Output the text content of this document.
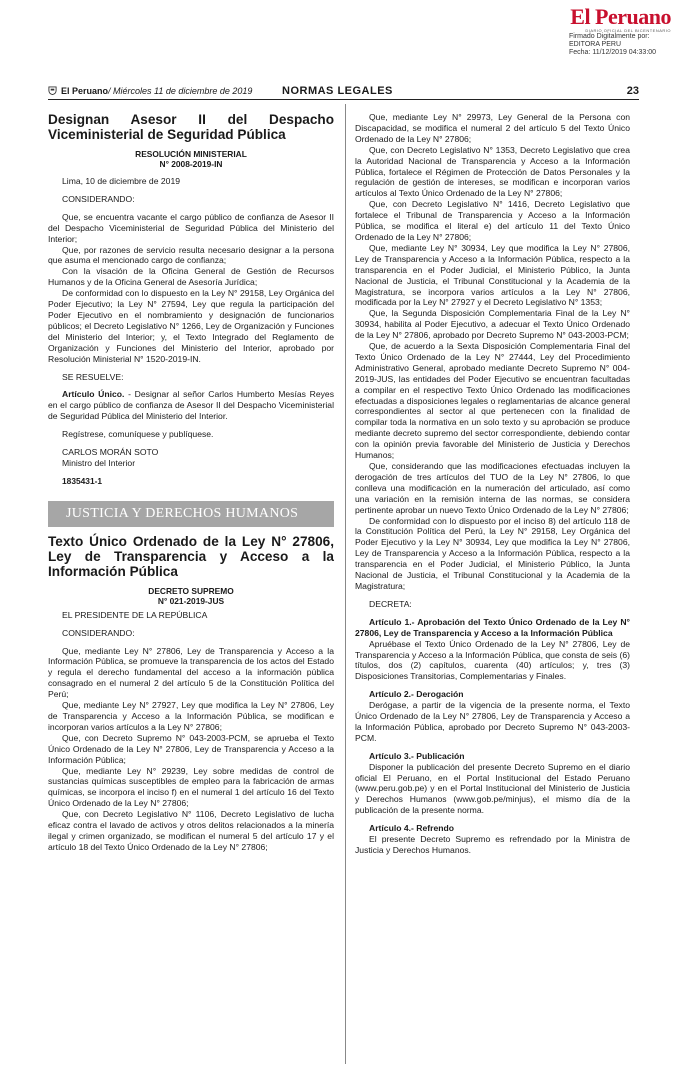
El Peruano
DIARIO OFICIAL DEL BICENTENARIO
Firmado Digitalmente por:
EDITORA PERU
Fecha: 11/12/2019 04:33:00
El Peruano/ Miércoles 11 de diciembre de 2019	NORMAS LEGALES	23
Designan Asesor II del Despacho Viceministerial de Seguridad Pública
RESOLUCIÓN MINISTERIAL
N° 2008-2019-IN

Lima, 10 de diciembre de 2019

CONSIDERANDO:

Que, se encuentra vacante el cargo público de confianza de Asesor II del Despacho Viceministerial de Seguridad Pública del Ministerio del Interior;

Que, por razones de servicio resulta necesario designar a la persona que asuma el mencionado cargo de confianza;

Con la visación de la Oficina General de Gestión de Recursos Humanos y de la Oficina General de Asesoría Jurídica;

De conformidad con lo dispuesto en la Ley N° 29158, Ley Orgánica del Poder Ejecutivo; la Ley N° 27594, Ley que regula la participación del Poder Ejecutivo en el nombramiento y designación de funcionarios públicos; el Decreto Legislativo N° 1266, Ley de Organización y Funciones del Ministerio del Interior; y, el Texto Integrado del Reglamento de Organización y Funciones del Ministerio del Interior, aprobado por Resolución Ministerial N° 1520-2019-IN.

SE RESUELVE:

Artículo Único. - Designar al señor Carlos Humberto Mesías Reyes en el cargo público de confianza de Asesor II del Despacho Viceministerial de Seguridad Pública del Ministerio del Interior.

Regístrese, comuníquese y publíquese.

CARLOS MORÁN SOTO

Ministro del Interior

1835431-1

JUSTICIA Y DERECHOS HUMANOS
Texto Único Ordenado de la Ley N° 27806, Ley de Transparencia y Acceso a la Información Pública
DECRETO SUPREMO
N° 021-2019-JUS

EL PRESIDENTE DE LA REPÚBLICA

CONSIDERANDO:

Que, mediante Ley N° 27806, Ley de Transparencia y Acceso a la Información Pública, se promueve la transparencia de los actos del Estado y regula el derecho fundamental del acceso a la información pública consagrado en el numeral 2 del artículo 5 de la Constitución Política del Perú;

Que, mediante Ley N° 27927, Ley que modifica la Ley N° 27806, Ley de Transparencia y Acceso a la Información Pública, se modifican e incorporan varios artículos a la Ley N° 27806;

Que, con Decreto Supremo N° 043-2003-PCM, se aprueba el Texto Único Ordenado de la Ley N° 27806, Ley de Transparencia y Acceso a la Información Pública;

Que, mediante Ley N° 29239, Ley sobre medidas de control de sustancias químicas susceptibles de empleo para la fabricación de armas químicas, se incorpora el inciso f) en el numeral 1 del artículo 16 del Texto Único Ordenado de la Ley N° 27806;

Que, con Decreto Legislativo N° 1106, Decreto Legislativo de lucha eficaz contra el lavado de activos y otros delitos relacionados a la minería ilegal y crimen organizado, se modifican el numeral 5 del artículo 17 y el artículo 18 del Texto Único Ordenado de la Ley N° 27806;

Que, mediante Ley N° 29973, Ley General de la Persona con Discapacidad, se modifica el numeral 2 del artículo 5 del Texto Único Ordenado de la Ley N° 27806;

Que, con Decreto Legislativo N° 1353, Decreto Legislativo que crea la Autoridad Nacional de Transparencia y Acceso a la Información Pública, fortalece el Régimen de Protección de Datos Personales y la regulación de gestión de intereses, se modifican e incorporan varios artículos al Texto Único Ordenado de la Ley N° 27806;

Que, con Decreto Legislativo N° 1416, Decreto Legislativo que fortalece el Tribunal de Transparencia y Acceso a la Información Pública, se modifica el literal e) del artículo 11 del Texto Único Ordenado de la Ley N° 27806;

Que, mediante Ley N° 30934, Ley que modifica la Ley N° 27806, Ley de Transparencia y Acceso a la Información Pública, respecto a la transparencia en el Poder Judicial, el Ministerio Público, la Junta Nacional de Justicia, el Tribunal Constitucional y la Academia de la Magistratura, se incorpora varios artículos a la Ley N° 27806, modificada por la Ley N° 27927 y el Decreto Legislativo N° 1353;

Que, la Segunda Disposición Complementaria Final de la Ley N° 30934, habilita al Poder Ejecutivo, a adecuar el Texto Único Ordenado de la Ley N° 27806, aprobado por Decreto Supremo N° 043-2003-PCM;

Que, de acuerdo a la Sexta Disposición Complementaria Final del Texto Único Ordenado de la Ley N° 27444, Ley del Procedimiento Administrativo General, aprobado mediante Decreto Supremo N° 004-2019-JUS, las entidades del Poder Ejecutivo se encuentran facultadas a compilar en el respectivo Texto Único Ordenado las modificaciones efectuadas a disposiciones legales o reglamentarias de alcance general correspondientes al sector al que pertenecen con la finalidad de compilar toda la normativa en un solo texto y su aprobación se produce mediante decreto supremo del sector correspondiente, debiendo contar con la opinión previa favorable del Ministerio de Justicia y Derechos Humanos;

Que, considerando que las modificaciones efectuadas incluyen la derogación de tres artículos del TUO de la Ley N° 27806, lo que conlleva una modificación en la numeración del articulado, así como una variación en la remisión interna de las normas, se considera pertinente aprobar un nuevo Texto Único Ordenado de la Ley N° 27806;

De conformidad con lo dispuesto por el inciso 8) del artículo 118 de la Constitución Política del Perú, la Ley N° 29158, Ley Orgánica del Poder Ejecutivo y la Ley N° 30934, Ley que modifica la Ley N° 27806, Ley de Transparencia y Acceso a la Información Pública, respecto a la transparencia en el Poder Judicial, el Ministerio Público, la Junta Nacional de Justicia, el Tribunal Constitucional y la Academia de la Magistratura;

DECRETA:

Artículo 1.- Aprobación del Texto Único Ordenado de la Ley N° 27806, Ley de Transparencia y Acceso a la Información Pública

Apruébase el Texto Único Ordenado de la Ley N° 27806, Ley de Transparencia y Acceso a la Información Pública, que consta de seis (6) títulos, dos (2) capítulos, cuarenta (40) artículos; y, tres (3) Disposiciones Transitorias, Complementarias y Finales.

Artículo 2.- Derogación

Derógase, a partir de la vigencia de la presente norma, el Texto Único Ordenado de la Ley N° 27806, Ley de Transparencia y Acceso a la Información Pública, aprobado por Decreto Supremo N° 043-2003-PCM.

Artículo 3.- Publicación

Disponer la publicación del presente Decreto Supremo en el diario oficial El Peruano, en el Portal Institucional del Estado Peruano (www.peru.gob.pe) y en el Portal Institucional del Ministerio de Justicia y Derechos Humanos (www.gob.pe/minjus), el mismo día de la publicación de la presente norma.

Artículo 4.- Refrendo

El presente Decreto Supremo es refrendado por la Ministra de Justicia y Derechos Humanos.
